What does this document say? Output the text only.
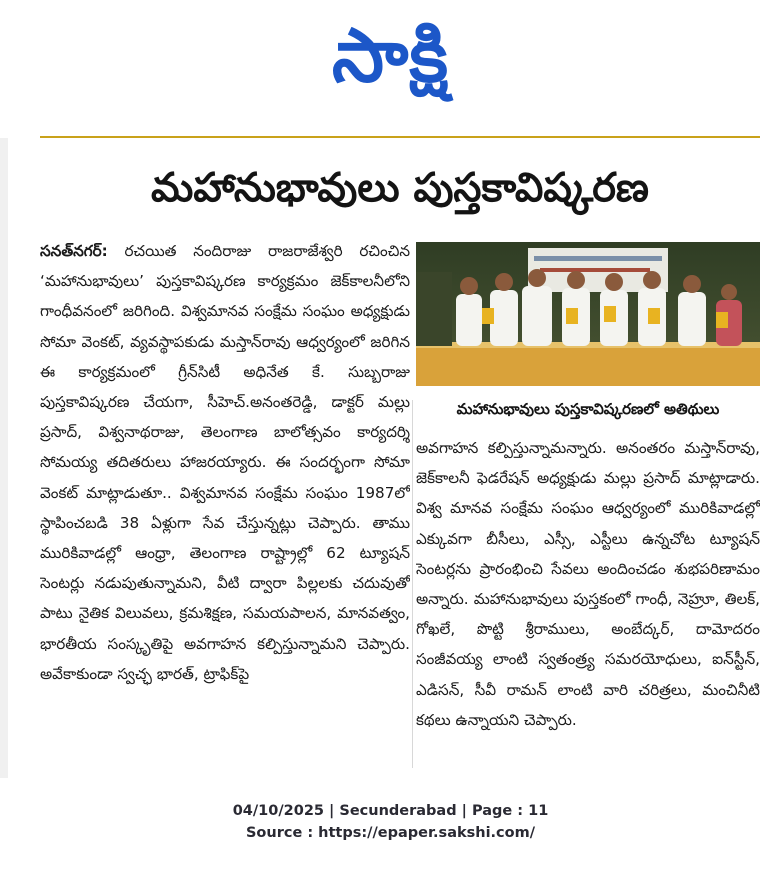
సాక్షి
మహానుభావులు పుస్తకావిష్కరణ

సనత్‌నగర్: రచయిత నందిరాజు రాజరాజేశ్వరి రచించిన ‘మహానుభావులు’ పుస్తకావిష్కరణ కార్యక్రమం జెక్‌కాలనీలోని గాంధీవనంలో జరిగింది. విశ్వమానవ సంక్షేమ సంఘం అధ్యక్షుడు సోమా వెంకట్, వ్యవస్థాపకుడు మస్తాన్‌రావు ఆధ్వర్యంలో జరిగిన ఈ కార్యక్రమంలో గ్రీన్‌సిటీ అధినేత కే. సుబ్బరాజు పుస్తకావిష్కరణ చేయగా, సీహెచ్.అనంతరెడ్డి, డాక్టర్ మల్లు ప్రసాద్, విశ్వనాథరాజు, తెలంగాణ బాలోత్సవం కార్యదర్శి సోమయ్య తదితరులు హాజరయ్యారు. ఈ సందర్భంగా సోమా వెంకట్ మాట్లాడుతూ.. విశ్వమానవ సంక్షేమ సంఘం 1987లో స్థాపించబడి 38 ఏళ్లుగా సేవ చేస్తున్నట్లు చెప్పారు. తాము మురికివాడల్లో ఆంధ్రా, తెలంగాణ రాష్ట్రాల్లో 62 ట్యూషన్ సెంటర్లు నడుపుతున్నామని, వీటి ద్వారా పిల్లలకు చదువుతో పాటు నైతిక విలువలు, క్రమశిక్షణ, సమయపాలన, మానవత్వం, భారతీయ సంస్కృతిపై అవగాహన కల్పిస్తున్నామని చెప్పారు. అవేకాకుండా స్వచ్ఛ భారత్, ట్రాఫిక్‌పై

మహానుభావులు పుస్తకావిష్కరణలో అతిథులు

అవగాహన కల్పిస్తున్నామన్నారు. అనంతరం మస్తాన్‌రావు, జెక్‌కాలనీ ఫెడరేషన్ అధ్యక్షుడు మల్లు ప్రసాద్ మాట్లాడారు. విశ్వ మానవ సంక్షేమ సంఘం ఆధ్వర్యంలో మురికివాడల్లో ఎక్కువగా బీసీలు, ఎస్సీ, ఎస్టీలు ఉన్నచోట ట్యూషన్ సెంటర్లను ప్రారంభించి సేవలు అందించడం శుభపరిణామం అన్నారు. మహానుభావులు పుస్తకంలో గాంధీ, నెహ్రూ, తిలక్, గోఖలే, పొట్టి శ్రీరాములు, అంబేద్కర్, దామోదరం సంజీవయ్య లాంటి స్వతంత్ర్య సమరయోధులు, ఐన్‌స్టీన్, ఎడిసన్, సీవీ రామన్ లాంటి వారి చరిత్రలు, మంచినీటి కథలు ఉన్నాయని చెప్పారు.

04/10/2025 | Secunderabad | Page : 11
Source : https://epaper.sakshi.com/
